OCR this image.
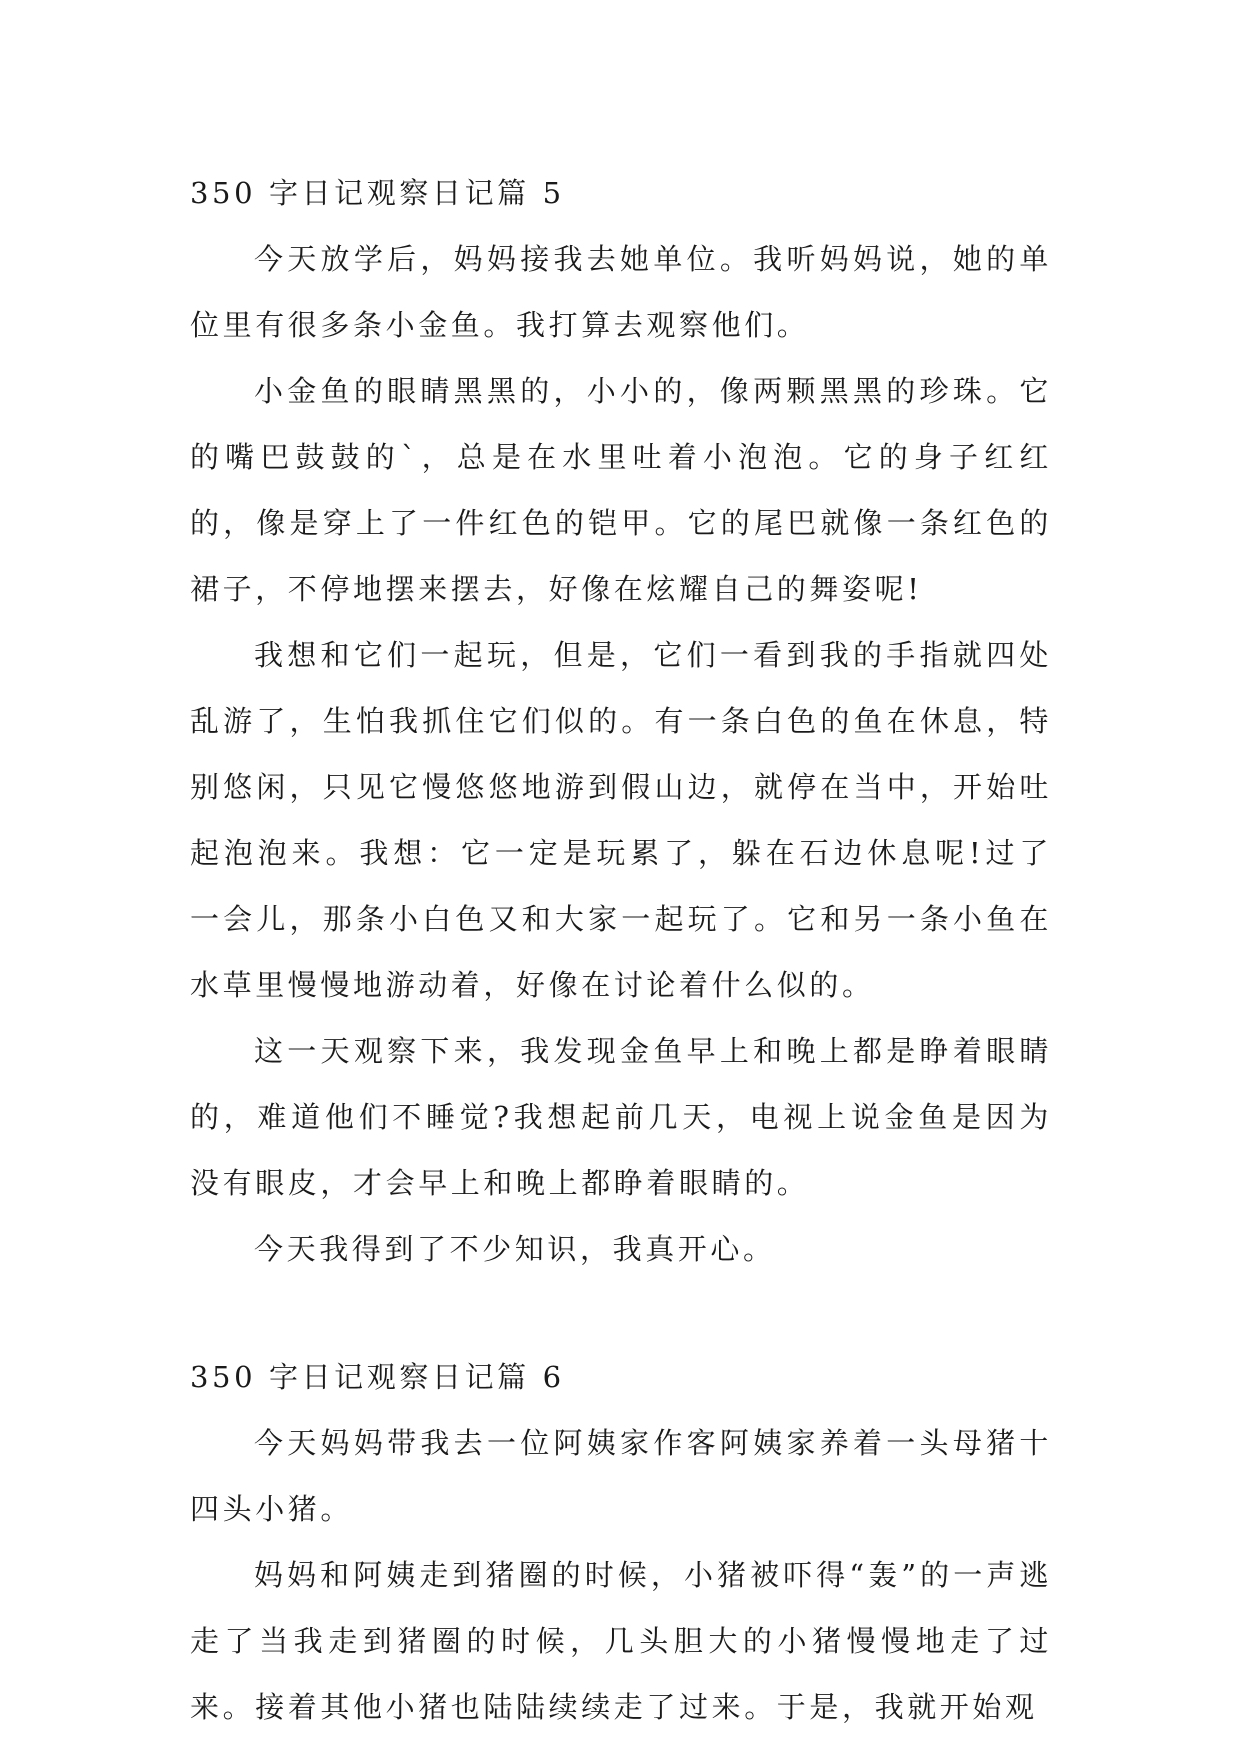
350 字日记观察日记篇 5

今天放学后，妈妈接我去她单位。我听妈妈说，她的单位里有很多条小金鱼。我打算去观察他们。

小金鱼的眼睛黑黑的，小小的，像两颗黑黑的珍珠。它的嘴巴鼓鼓的`，总是在水里吐着小泡泡。它的身子红红的，像是穿上了一件红色的铠甲。它的尾巴就像一条红色的裙子，不停地摆来摆去，好像在炫耀自己的舞姿呢!

我想和它们一起玩，但是，它们一看到我的手指就四处乱游了，生怕我抓住它们似的。有一条白色的鱼在休息，特别悠闲，只见它慢悠悠地游到假山边，就停在当中，开始吐起泡泡来。我想：它一定是玩累了，躲在石边休息呢!过了一会儿，那条小白色又和大家一起玩了。它和另一条小鱼在水草里慢慢地游动着，好像在讨论着什么似的。

这一天观察下来，我发现金鱼早上和晚上都是睁着眼睛的，难道他们不睡觉?我想起前几天，电视上说金鱼是因为没有眼皮，才会早上和晚上都睁着眼睛的。

今天我得到了不少知识，我真开心。

350 字日记观察日记篇 6

今天妈妈带我去一位阿姨家作客阿姨家养着一头母猪十四头小猪。

妈妈和阿姨走到猪圈的时候，小猪被吓得“轰”的一声逃走了当我走到猪圈的时候，几头胆大的小猪慢慢地走了过来。接着其他小猪也陆陆续续走了过来。于是，我就开始观
